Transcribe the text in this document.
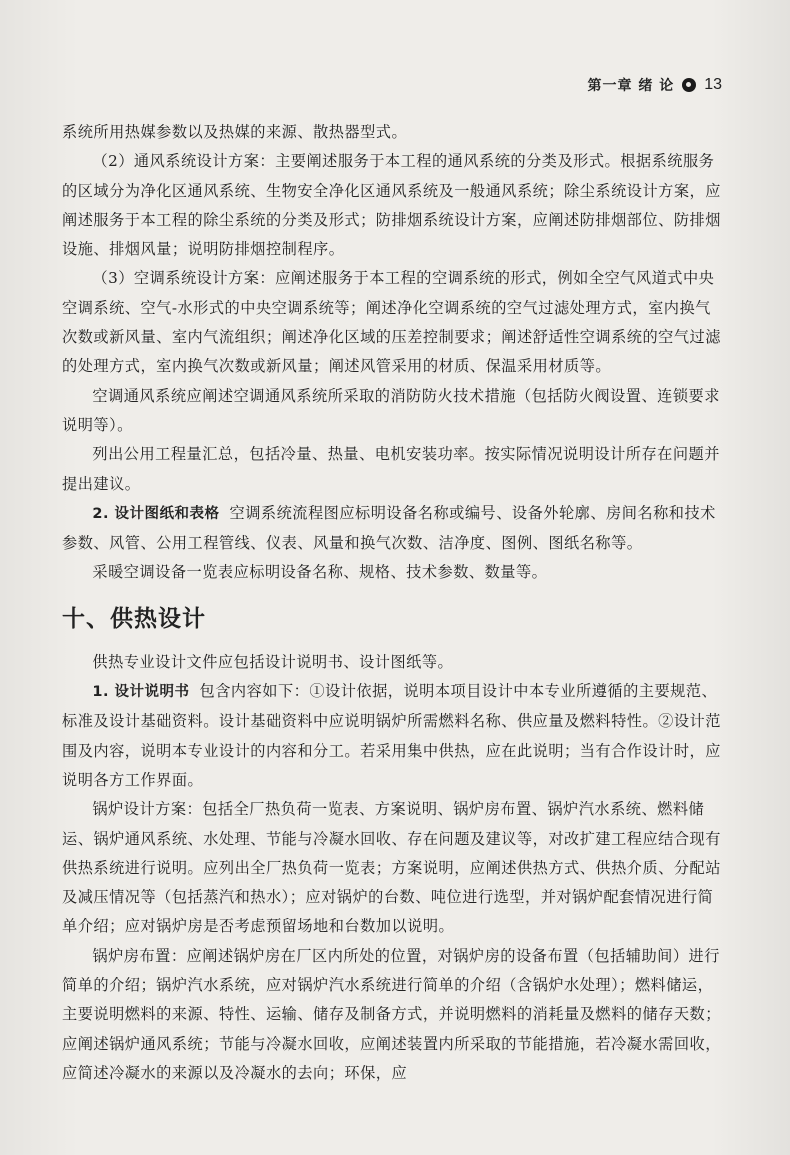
第一章 绪 论 13

系统所用热媒参数以及热媒的来源、散热器型式。

（2）通风系统设计方案：主要阐述服务于本工程的通风系统的分类及形式。根据系统服务的区域分为净化区通风系统、生物安全净化区通风系统及一般通风系统；除尘系统设计方案，应阐述服务于本工程的除尘系统的分类及形式；防排烟系统设计方案，应阐述防排烟部位、防排烟设施、排烟风量；说明防排烟控制程序。

（3）空调系统设计方案：应阐述服务于本工程的空调系统的形式，例如全空气风道式中央空调系统、空气-水形式的中央空调系统等；阐述净化空调系统的空气过滤处理方式，室内换气次数或新风量、室内气流组织；阐述净化区域的压差控制要求；阐述舒适性空调系统的空气过滤的处理方式，室内换气次数或新风量；阐述风管采用的材质、保温采用材质等。

空调通风系统应阐述空调通风系统所采取的消防防火技术措施（包括防火阀设置、连锁要求说明等）。

列出公用工程量汇总，包括冷量、热量、电机安装功率。按实际情况说明设计所存在问题并提出建议。

2. 设计图纸和表格 空调系统流程图应标明设备名称或编号、设备外轮廓、房间名称和技术参数、风管、公用工程管线、仪表、风量和换气次数、洁净度、图例、图纸名称等。

采暖空调设备一览表应标明设备名称、规格、技术参数、数量等。

十、供热设计

供热专业设计文件应包括设计说明书、设计图纸等。

1. 设计说明书 包含内容如下：①设计依据，说明本项目设计中本专业所遵循的主要规范、标准及设计基础资料。设计基础资料中应说明锅炉所需燃料名称、供应量及燃料特性。②设计范围及内容，说明本专业设计的内容和分工。若采用集中供热，应在此说明；当有合作设计时，应说明各方工作界面。

锅炉设计方案：包括全厂热负荷一览表、方案说明、锅炉房布置、锅炉汽水系统、燃料储运、锅炉通风系统、水处理、节能与冷凝水回收、存在问题及建议等，对改扩建工程应结合现有供热系统进行说明。应列出全厂热负荷一览表；方案说明，应阐述供热方式、供热介质、分配站及减压情况等（包括蒸汽和热水）；应对锅炉的台数、吨位进行选型，并对锅炉配套情况进行简单介绍；应对锅炉房是否考虑预留场地和台数加以说明。

锅炉房布置：应阐述锅炉房在厂区内所处的位置，对锅炉房的设备布置（包括辅助间）进行简单的介绍；锅炉汽水系统，应对锅炉汽水系统进行简单的介绍（含锅炉水处理）；燃料储运，主要说明燃料的来源、特性、运输、储存及制备方式，并说明燃料的消耗量及燃料的储存天数；应阐述锅炉通风系统；节能与冷凝水回收，应阐述装置内所采取的节能措施，若冷凝水需回收，应简述冷凝水的来源以及冷凝水的去向；环保，应
